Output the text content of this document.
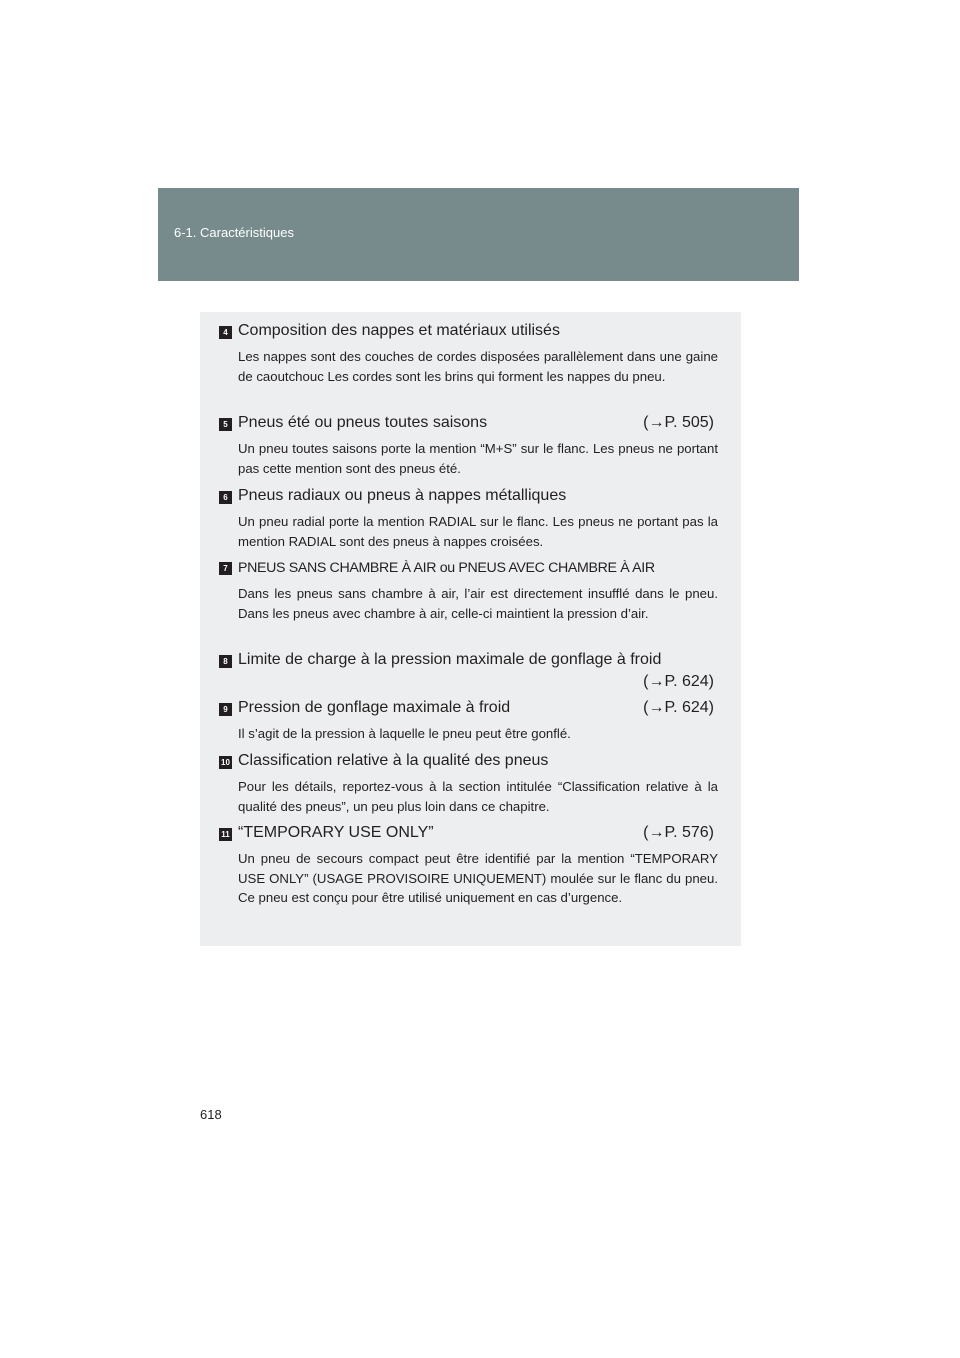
6-1. Caractéristiques
4 Composition des nappes et matériaux utilisés
Les nappes sont des couches de cordes disposées parallèlement dans une gaine de caoutchouc Les cordes sont les brins qui forment les nappes du pneu.
5 Pneus été ou pneus toutes saisons	(→P. 505)
Un pneu toutes saisons porte la mention “M+S” sur le flanc. Les pneus ne portant pas cette mention sont des pneus été.
6 Pneus radiaux ou pneus à nappes métalliques
Un pneu radial porte la mention RADIAL sur le flanc. Les pneus ne portant pas la mention RADIAL sont des pneus à nappes croisées.
7 PNEUS SANS CHAMBRE À AIR ou PNEUS AVEC CHAMBRE À AIR
Dans les pneus sans chambre à air, l’air est directement insufflé dans le pneu. Dans les pneus avec chambre à air, celle-ci maintient la pression d’air.
8 Limite de charge à la pression maximale de gonflage à froid
(→P. 624)
9 Pression de gonflage maximale à froid	(→P. 624)
Il s’agit de la pression à laquelle le pneu peut être gonflé.
10 Classification relative à la qualité des pneus
Pour les détails, reportez-vous à la section intitulée “Classification relative à la qualité des pneus”, un peu plus loin dans ce chapitre.
11 “TEMPORARY USE ONLY”	(→P. 576)
Un pneu de secours compact peut être identifié par la mention “TEMPORARY USE ONLY” (USAGE PROVISOIRE UNIQUEMENT) moulée sur le flanc du pneu. Ce pneu est conçu pour être utilisé uniquement en cas d’urgence.
618
